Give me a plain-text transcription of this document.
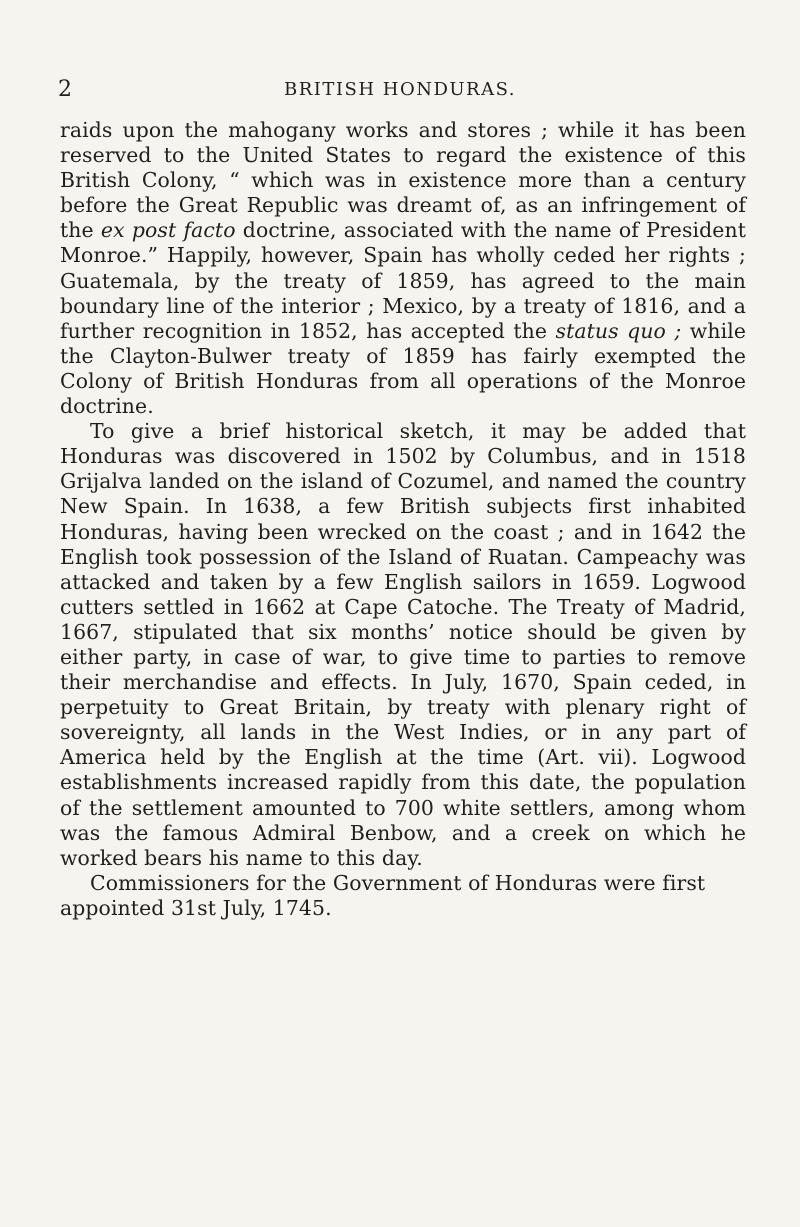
2	BRITISH HONDURAS.

raids upon the mahogany works and stores ; while it has been reserved to the United States to regard the existence of this British Colony, “ which was in existence more than a century before the Great Republic was dreamt of, as an infringement of the ex post facto doctrine, associated with the name of President Monroe.” Happily, however, Spain has wholly ceded her rights ; Guatemala, by the treaty of 1859, has agreed to the main boundary line of the interior ; Mexico, by a treaty of 1816, and a further recognition in 1852, has accepted the status quo ; while the Clayton-Bulwer treaty of 1859 has fairly exempted the Colony of British Honduras from all operations of the Monroe doctrine.

To give a brief historical sketch, it may be added that Honduras was discovered in 1502 by Columbus, and in 1518 Grijalva landed on the island of Cozumel, and named the country New Spain. In 1638, a few British subjects first inhabited Honduras, having been wrecked on the coast ; and in 1642 the English took possession of the Island of Ruatan. Campeachy was attacked and taken by a few English sailors in 1659. Logwood cutters settled in 1662 at Cape Catoche. The Treaty of Madrid, 1667, stipulated that six months’ notice should be given by either party, in case of war, to give time to parties to remove their merchandise and effects. In July, 1670, Spain ceded, in perpetuity to Great Britain, by treaty with plenary right of sovereignty, all lands in the West Indies, or in any part of America held by the English at the time (Art. vii). Logwood establishments increased rapidly from this date, the population of the settlement amounted to 700 white settlers, among whom was the famous Admiral Benbow, and a creek on which he worked bears his name to this day.

Commissioners for the Government of Honduras were first appointed 31st July, 1745.
